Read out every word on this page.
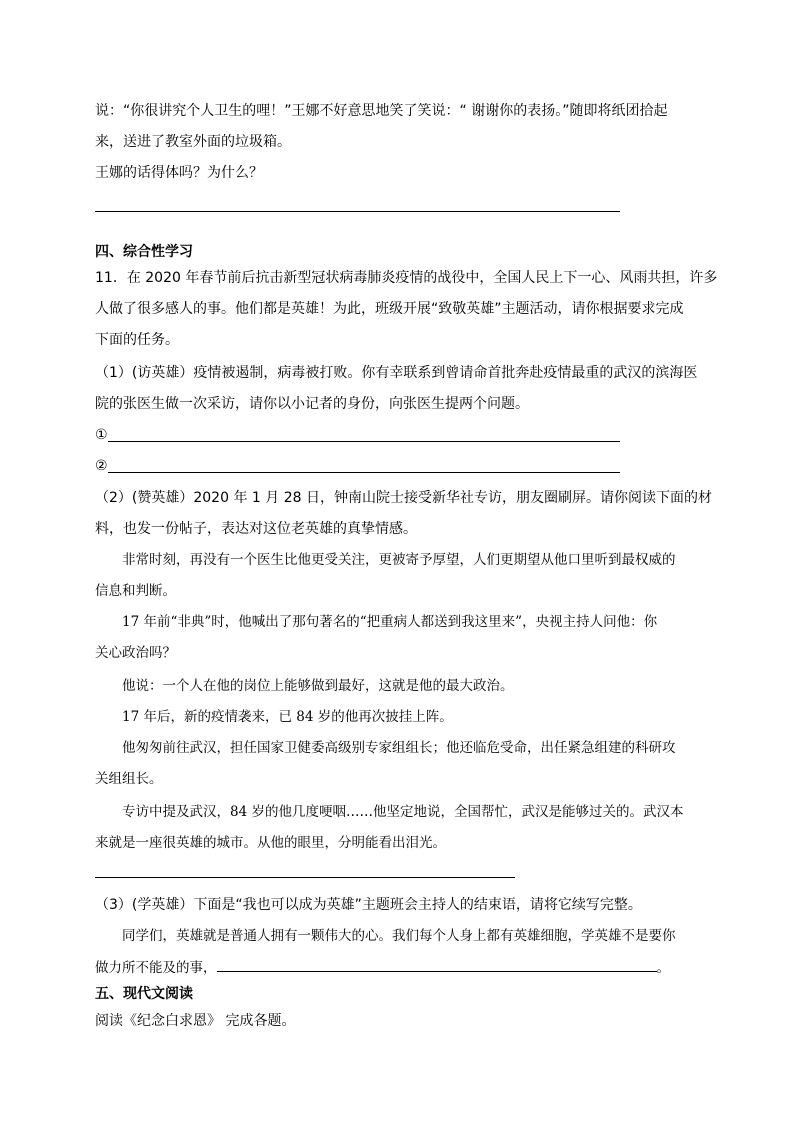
说：“你很讲究个人卫生的哩！”王娜不好意思地笑了笑说：“ 谢谢你的表扬。”随即将纸团拾起
来，送进了教室外面的垃圾箱。
王娜的话得体吗？为什么？
四、综合性学习
11．在 2020 年春节前后抗击新型冠状病毒肺炎疫情的战役中，全国人民上下一心、风雨共担，许多
人做了很多感人的事。他们都是英雄！为此，班级开展“致敬英雄”主题活动，请你根据要求完成
下面的任务。
（1）(访英雄）疫情被遏制，病毒被打败。你有幸联系到曾请命首批奔赴疫情最重的武汉的滨海医
院的张医生做一次采访，请你以小记者的身份，向张医生提两个问题。
①
②
（2）(赞英雄）2020 年 1 月 28 日，钟南山院士接受新华社专访，朋友圈刷屏。请你阅读下面的材
料，也发一份帖子，表达对这位老英雄的真挚情感。
非常时刻，再没有一个医生比他更受关注，更被寄予厚望，人们更期望从他口里听到最权威的
信息和判断。
17 年前“非典”时，他喊出了那句著名的“把重病人都送到我这里来”，央视主持人问他：你
关心政治吗？
他说：一个人在他的岗位上能够做到最好，这就是他的最大政治。
17 年后，新的疫情袭来，已 84 岁的他再次披挂上阵。
他匆匆前往武汉，担任国家卫健委高级别专家组组长；他还临危受命，出任紧急组建的科研攻
关组组长。
专访中提及武汉，84 岁的他几度哽咽……他坚定地说，全国帮忙，武汉是能够过关的。武汉本
来就是一座很英雄的城市。从他的眼里，分明能看出泪光。
（3）(学英雄）下面是“我也可以成为英雄”主题班会主持人的结束语，请将它续写完整。
同学们，英雄就是普通人拥有一颗伟大的心。我们每个人身上都有英雄细胞，学英雄不是要你
做力所不能及的事，	。
五、现代文阅读
阅读《纪念白求恩》 完成各题。
